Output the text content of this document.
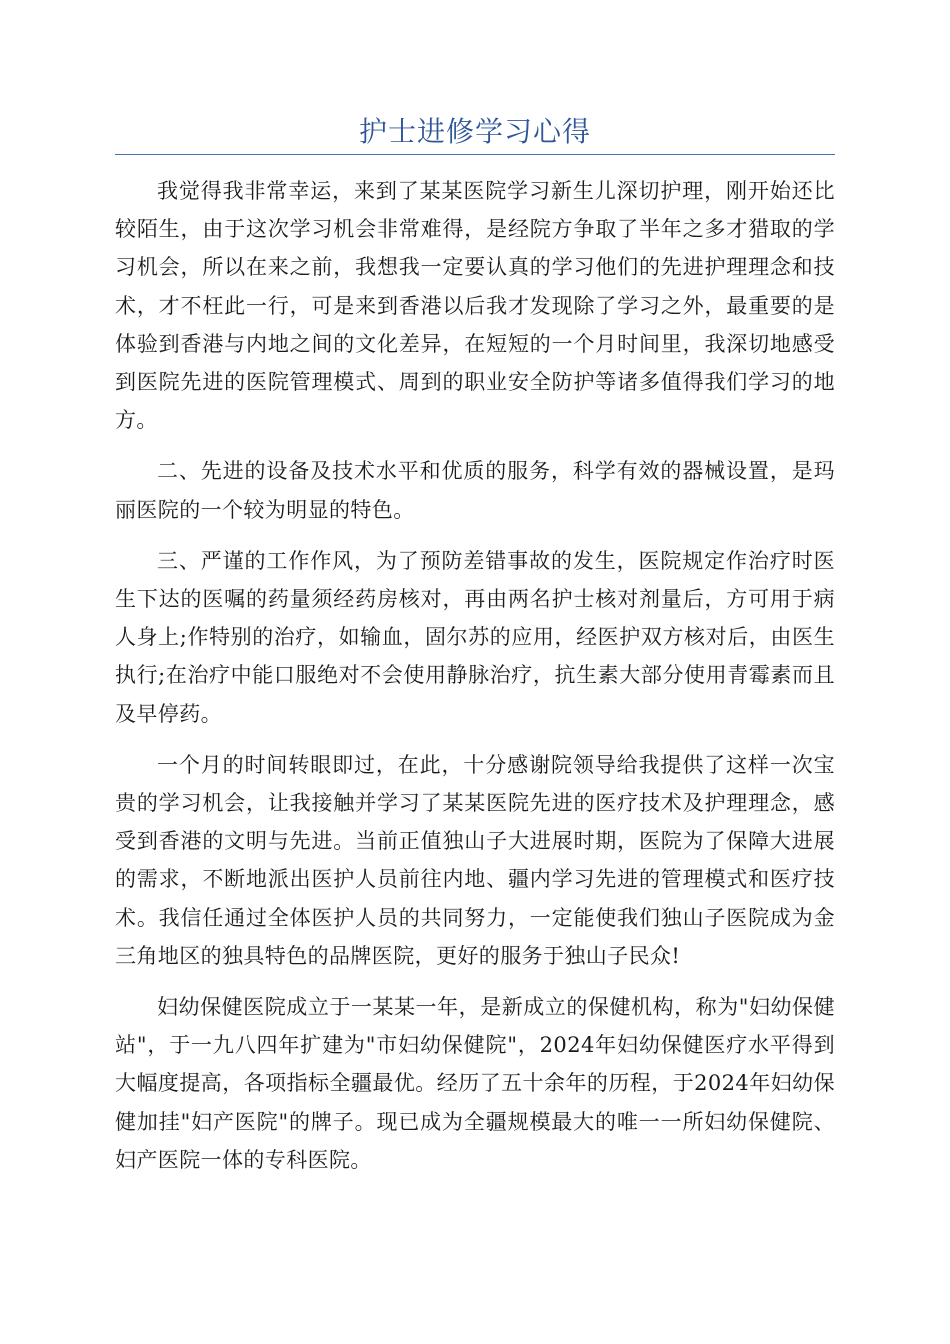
护士进修学习心得

我觉得我非常幸运，来到了某某医院学习新生儿深切护理，刚开始还比较陌生，由于这次学习机会非常难得，是经院方争取了半年之多才猎取的学习机会，所以在来之前，我想我一定要认真的学习他们的先进护理理念和技术，才不枉此一行，可是来到香港以后我才发现除了学习之外，最重要的是体验到香港与内地之间的文化差异，在短短的一个月时间里，我深切地感受到医院先进的医院管理模式、周到的职业安全防护等诸多值得我们学习的地方。

二、先进的设备及技术水平和优质的服务，科学有效的器械设置，是玛丽医院的一个较为明显的特色。

三、严谨的工作作风，为了预防差错事故的发生，医院规定作治疗时医生下达的医嘱的药量须经药房核对，再由两名护士核对剂量后，方可用于病人身上;作特别的治疗，如输血，固尔苏的应用，经医护双方核对后，由医生执行;在治疗中能口服绝对不会使用静脉治疗，抗生素大部分使用青霉素而且及早停药。

一个月的时间转眼即过，在此，十分感谢院领导给我提供了这样一次宝贵的学习机会，让我接触并学习了某某医院先进的医疗技术及护理理念，感受到香港的文明与先进。当前正值独山子大进展时期，医院为了保障大进展的需求，不断地派出医护人员前往内地、疆内学习先进的管理模式和医疗技术。我信任通过全体医护人员的共同努力，一定能使我们独山子医院成为金三角地区的独具特色的品牌医院，更好的服务于独山子民众!

妇幼保健医院成立于一某某一年，是新成立的保健机构，称为"妇幼保健站"，于一九八四年扩建为"市妇幼保健院"，2024年妇幼保健医疗水平得到大幅度提高，各项指标全疆最优。经历了五十余年的历程，于2024年妇幼保健加挂"妇产医院"的牌子。现已成为全疆规模最大的唯一一所妇幼保健院、妇产医院一体的专科医院。
